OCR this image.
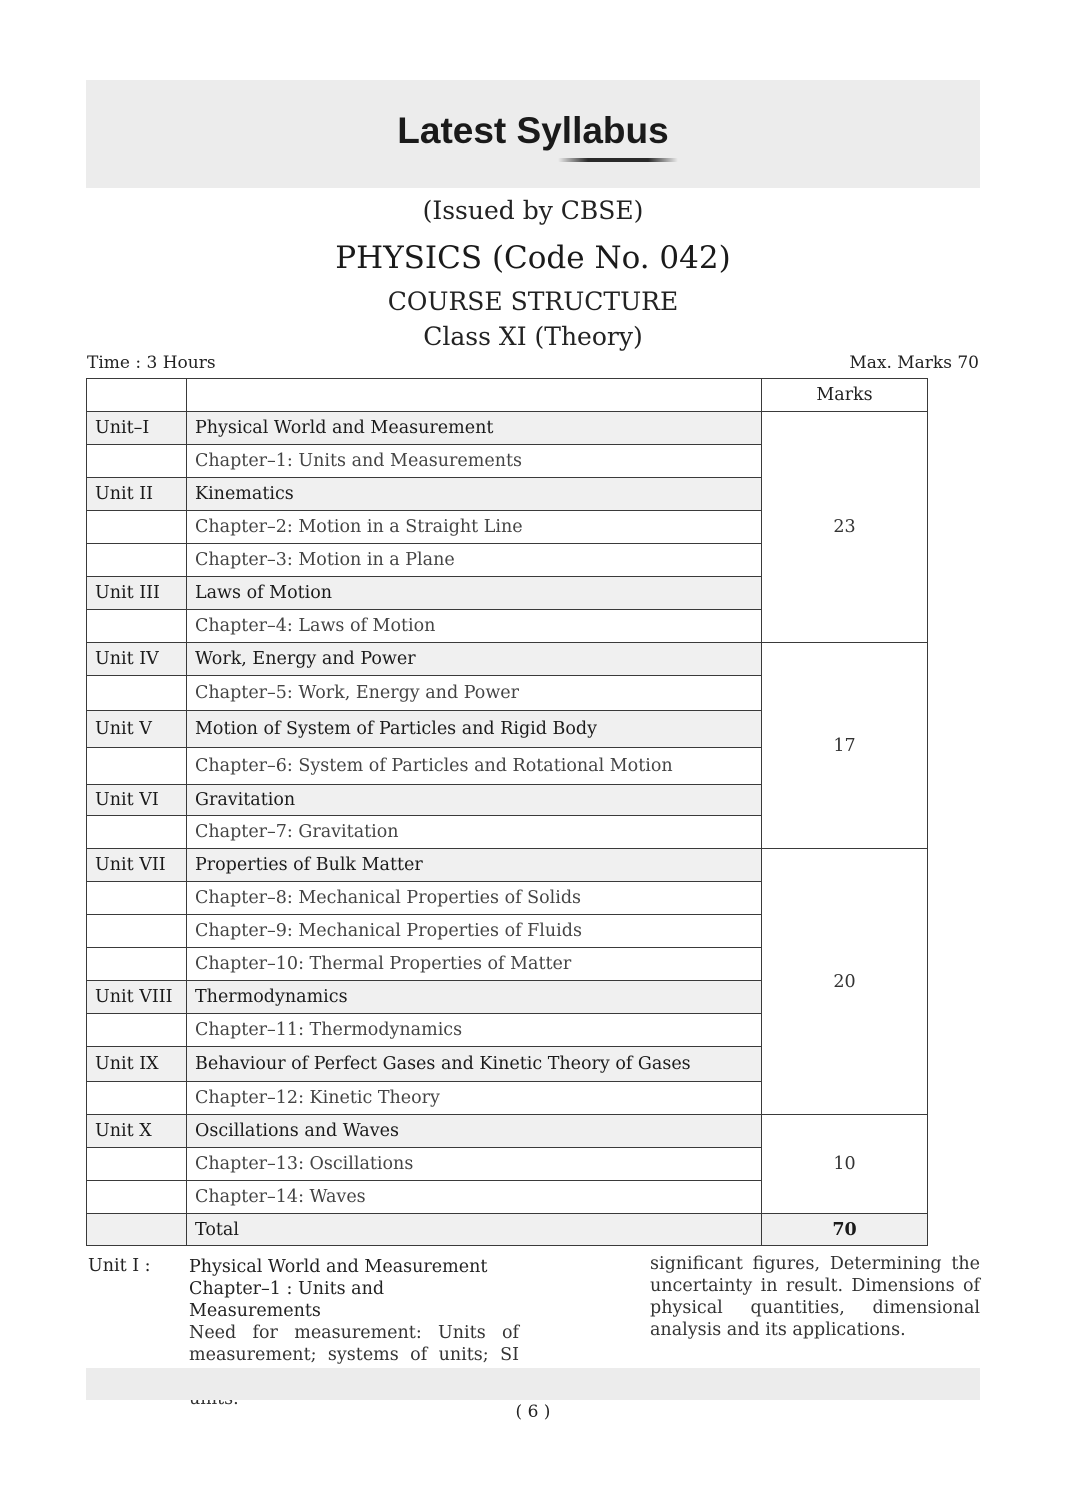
Latest Syllabus
(Issued by CBSE)
PHYSICS (Code No. 042)
COURSE STRUCTURE
Class XI (Theory)
Time : 3 Hours	Max. Marks 70
		Marks
Unit–I	Physical World and Measurement	23
	Chapter–1: Units and Measurements	
Unit II	Kinematics	
	Chapter–2: Motion in a Straight Line	
	Chapter–3: Motion in a Plane	
Unit III	Laws of Motion	
	Chapter–4: Laws of Motion	
Unit IV	Work, Energy and Power	17
	Chapter–5: Work, Energy and Power	
Unit V	Motion of System of Particles and Rigid Body	
	Chapter–6: System of Particles and Rotational Motion	
Unit VI	Gravitation	
	Chapter–7: Gravitation	
Unit VII	Properties of Bulk Matter	20
	Chapter–8: Mechanical Properties of Solids	
	Chapter–9: Mechanical Properties of Fluids	
	Chapter–10: Thermal Properties of Matter	
Unit VIII	Thermodynamics	
	Chapter–11: Thermodynamics	
Unit IX	Behaviour of Perfect Gases and Kinetic Theory of Gases	
	Chapter–12: Kinetic Theory	
Unit X	Oscillations and Waves	10
	Chapter–13: Oscillations	
	Chapter–14: Waves	
	Total	70
Unit I : Physical World and Measurement
Chapter–1 : Units and Measurements
Need for measurement: Units of measurement; systems of units; SI
significant figures, Determining the uncertainty in result. Dimensions of physical quantities, dimensional analysis and its applications.
( 6 )
